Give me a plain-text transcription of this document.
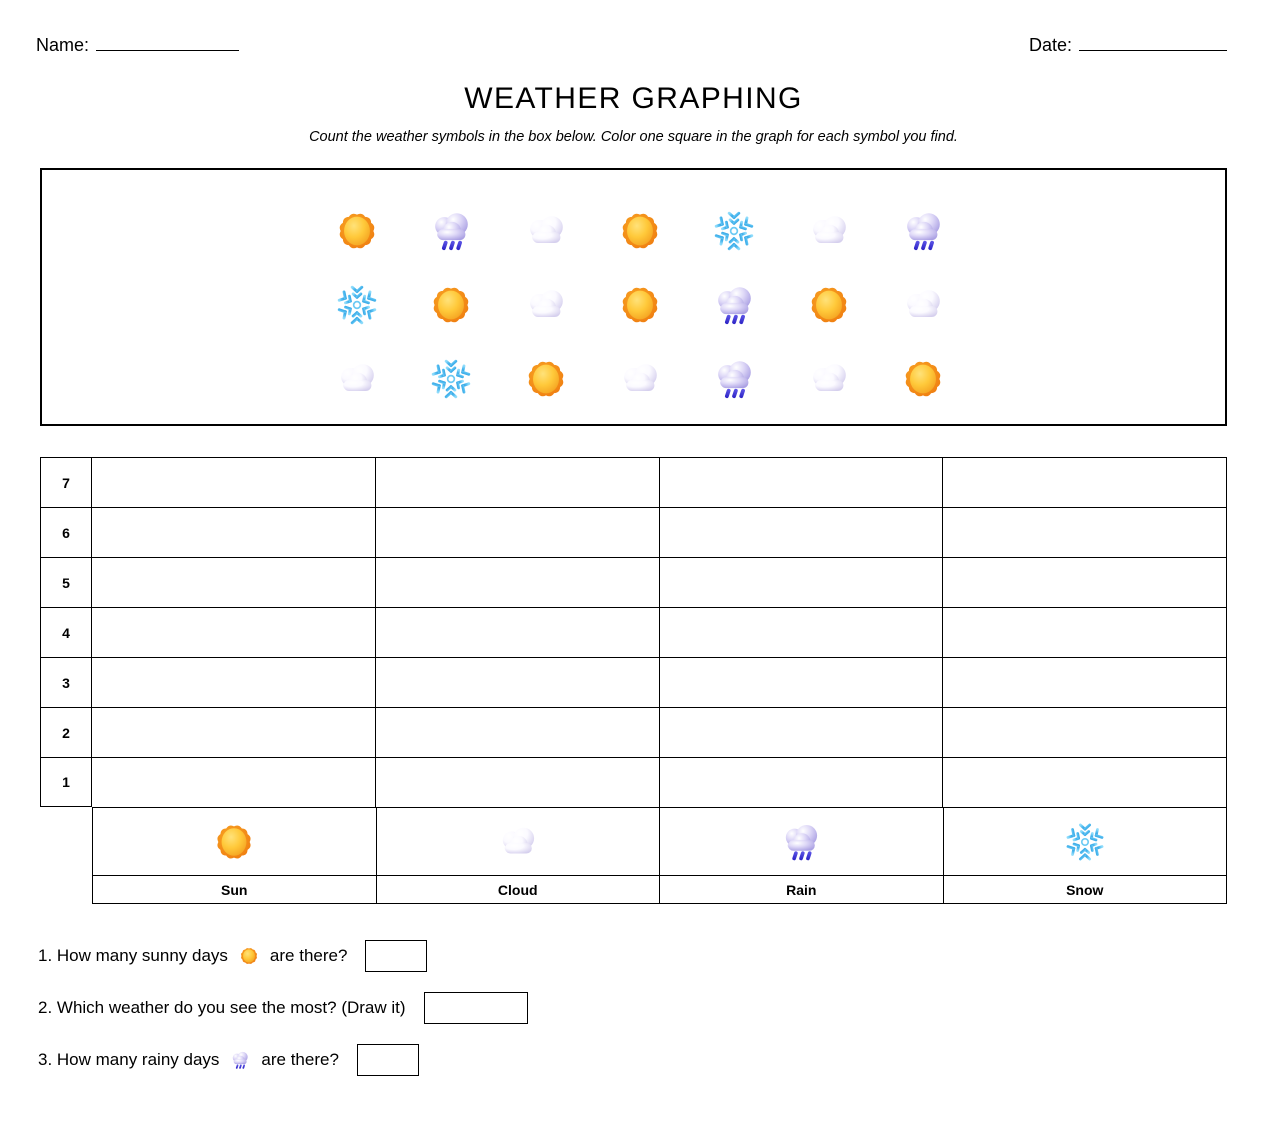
Name:	Date:
WEATHER GRAPHING
Count the weather symbols in the box below. Color one square in the graph for each symbol you find.
7
6
5
4
3
2
1
Sun	Cloud	Rain	Snow
1. How many sunny days are there?
2. Which weather do you see the most? (Draw it)
3. How many rainy days are there?
